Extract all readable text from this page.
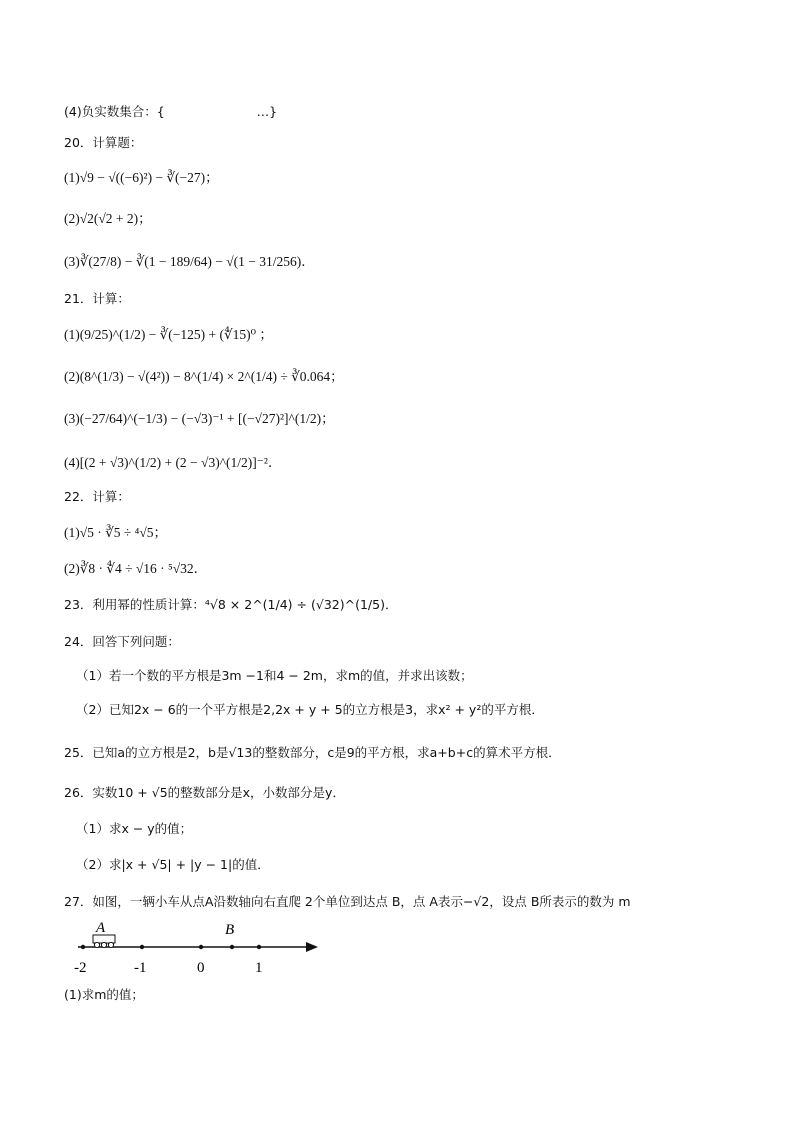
(4)负实数集合：{	…}
20．计算题：
(1)√9 − √((−6)²) − ∛(−27)；
(2)√2(√2 + 2)；
(3)∛(27/8) − ∛(1 − 189/64) − √(1 − 31/256)．
21．计算：
(1)(9/25)^(1/2) − ∛(−125) + (∜15)⁰ ；
(2)(8^(1/3) − √(4²)) − 8^(1/4) × 2^(1/4) ÷ ∛0.064；
(3)(−27/64)^(−1/3) − (−√3)⁻¹ + [(−√27)²]^(1/2)；
(4)[(2 + √3)^(1/2) + (2 − √3)^(1/2)]⁻²．
22．计算：
(1)√5 · ∛5 ÷ ⁴√5；
(2)∛8 · ∜4 ÷ √16 · ⁵√32．
23．利用幂的性质计算：⁴√8 × 2^(1/4) ÷ (√32)^(1/5)．
24．回答下列问题：
（1）若一个数的平方根是3m −1和4 − 2m，求m的值，并求出该数；
（2）已知2x − 6的一个平方根是2,2x + y + 5的立方根是3，求x² + y²的平方根．
25．已知a的立方根是2，b是√13的整数部分，c是9的平方根，求a+b+c的算术平方根．
26．实数10 + √5的整数部分是x，小数部分是y．
（1）求x − y的值；
（2）求|x + √5| + |y − 1|的值．
27．如图，一辆小车从点A沿数轴向右直爬 2个单位到达点 B，点 A表示−√2，设点 B所表示的数为 m
A	B
-2	-1	0	1
(1)求m的值；
